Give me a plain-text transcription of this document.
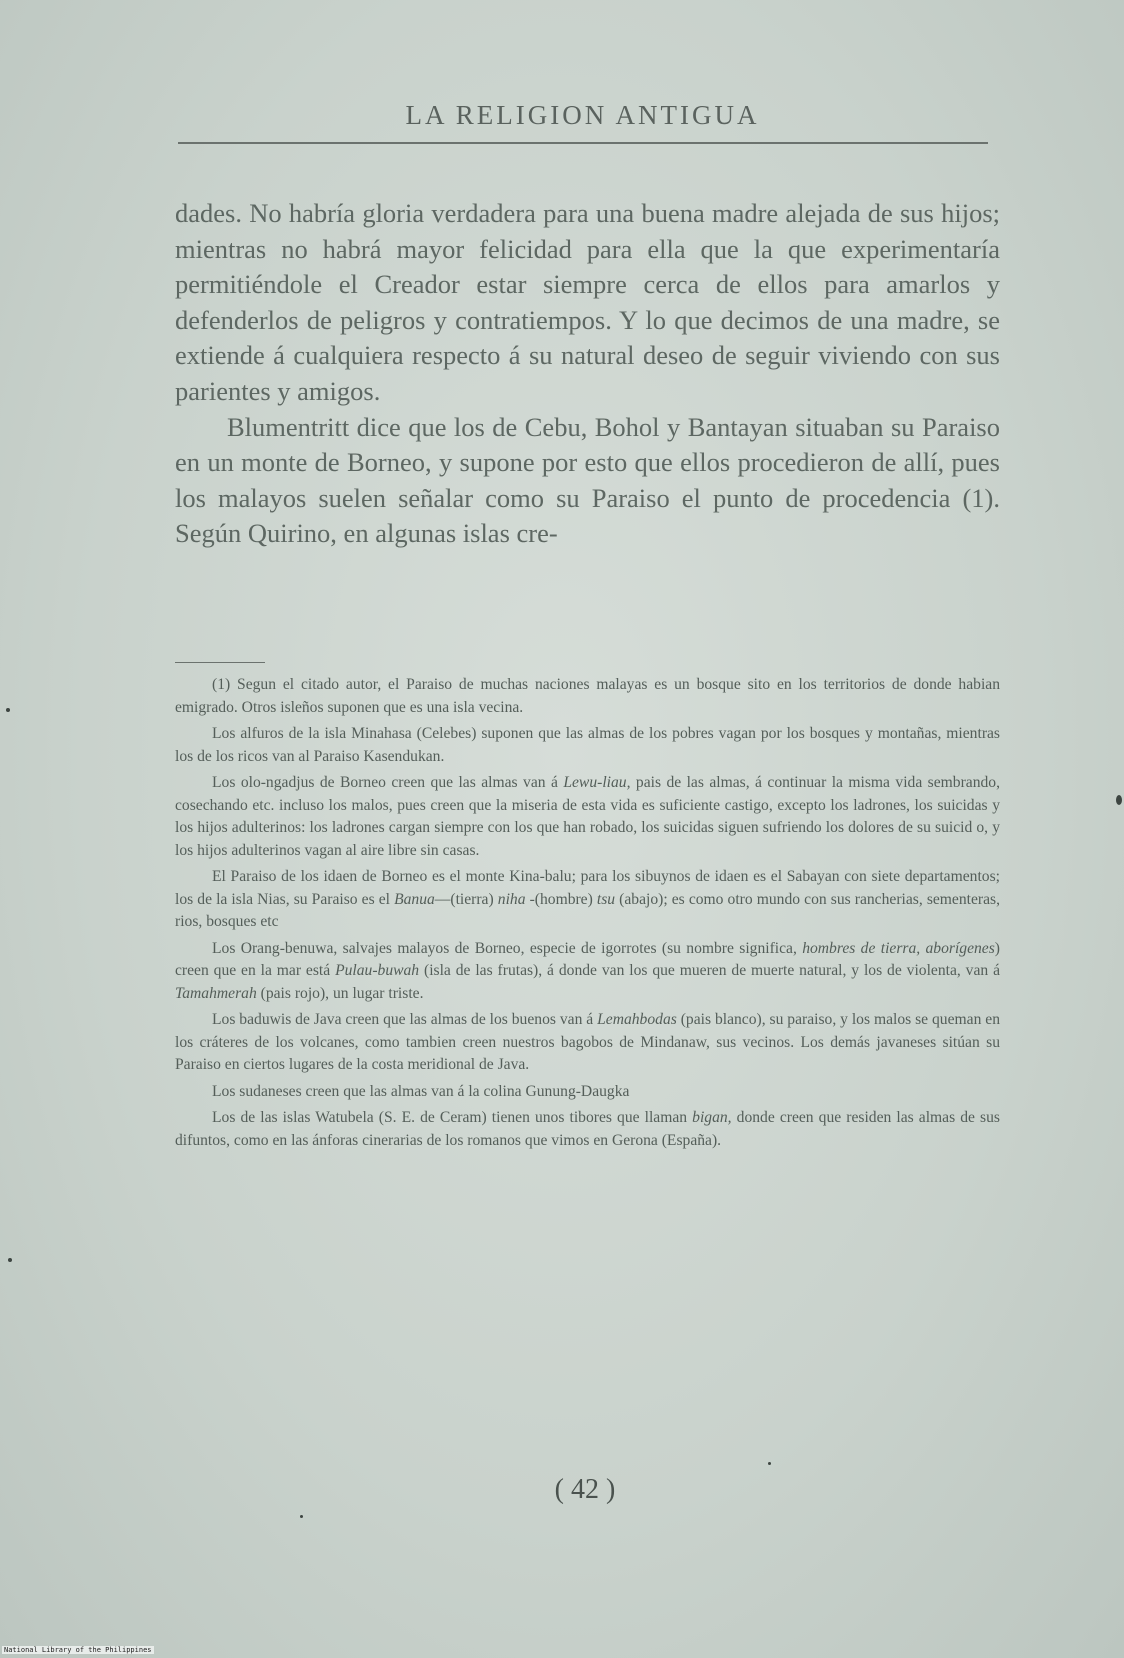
LA RELIGION ANTIGUA

dades. No habría gloria verdadera para una buena madre alejada de sus hijos; mientras no habrá mayor felicidad para ella que la que experimentaría permitiéndole el Creador estar siempre cerca de ellos para amarlos y defenderlos de peligros y contratiempos. Y lo que decimos de una madre, se extiende á cualquiera respecto á su natural deseo de seguir viviendo con sus parientes y amigos.

Blumentritt dice que los de Cebu, Bohol y Bantayan situaban su Paraiso en un monte de Borneo, y supone por esto que ellos procedieron de allí, pues los malayos suelen señalar como su Paraiso el punto de procedencia (1). Según Quirino, en algunas islas cre-

(1) Segun el citado autor, el Paraiso de muchas naciones malayas es un bosque sito en los territorios de donde habian emigrado. Otros isleños suponen que es una isla vecina.

Los alfuros de la isla Minahasa (Celebes) suponen que las almas de los pobres vagan por los bosques y montañas, mientras los de los ricos van al Paraiso Kasendukan.

Los olo-ngadjus de Borneo creen que las almas van á Lewu-liau, pais de las almas, á continuar la misma vida sembrando, cosechando etc. incluso los malos, pues creen que la miseria de esta vida es suficiente castigo, excepto los ladrones, los suicidas y los hijos adulterinos: los ladrones cargan siempre con los que han robado, los suicidas siguen sufriendo los dolores de su suicid o, y los hijos adulterinos vagan al aire libre sin casas.

El Paraiso de los idaen de Borneo es el monte Kina-balu; para los sibuynos de idaen es el Sabayan con siete departamentos; los de la isla Nias, su Paraiso es el Banua—(tierra) niha -(hombre) tsu (abajo); es como otro mundo con sus rancherias, sementeras, rios, bosques etc

Los Orang-benuwa, salvajes malayos de Borneo, especie de igorrotes (su nombre significa, hombres de tierra, aborígenes) creen que en la mar está Pulau-buwah (isla de las frutas), á donde van los que mueren de muerte natural, y los de violenta, van á Tamahmerah (pais rojo), un lugar triste.

Los baduwis de Java creen que las almas de los buenos van á Lemahbodas (pais blanco), su paraiso, y los malos se queman en los cráteres de los volcanes, como tambien creen nuestros bagobos de Mindanaw, sus vecinos. Los demás javaneses sitúan su Paraiso en ciertos lugares de la costa meridional de Java.

Los sudaneses creen que las almas van á la colina Gunung-Daugka

Los de las islas Watubela (S. E. de Ceram) tienen unos tibores que llaman bigan, donde creen que residen las almas de sus difuntos, como en las ánforas cinerarias de los romanos que vimos en Gerona (España).

( 42 )
National Library of the Philippines
